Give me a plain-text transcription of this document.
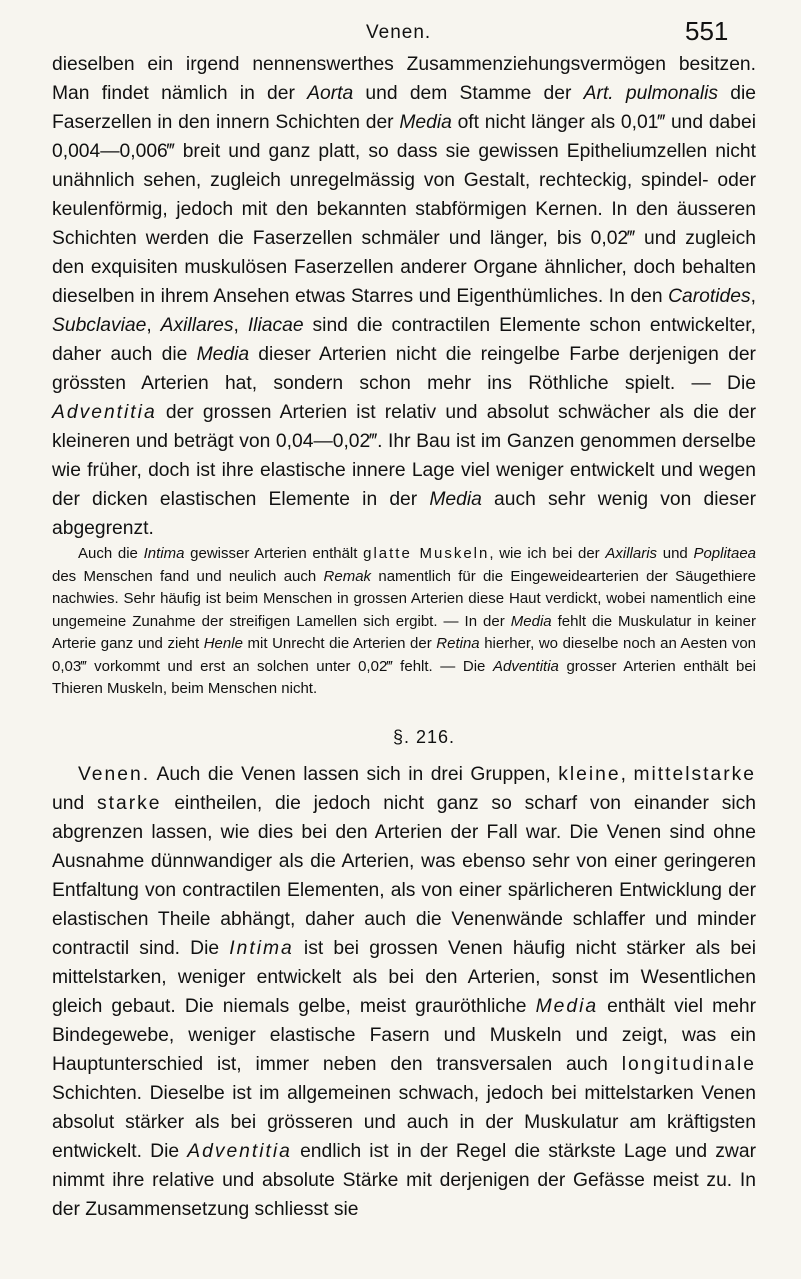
Venen.	551

dieselben ein irgend nennenswerthes Zusammenziehungsvermögen besitzen. Man findet nämlich in der Aorta und dem Stamme der Art. pulmonalis die Faserzellen in den innern Schichten der Media oft nicht länger als 0,01‴ und dabei 0,004—0,006‴ breit und ganz platt, so dass sie gewissen Epitheliumzellen nicht unähnlich sehen, zugleich unregelmässig von Gestalt, rechteckig, spindel- oder keulenförmig, jedoch mit den bekannten stabförmigen Kernen. In den äusseren Schichten werden die Faserzellen schmäler und länger, bis 0,02‴ und zugleich den exquisiten muskulösen Faserzellen anderer Organe ähnlicher, doch behalten dieselben in ihrem Ansehen etwas Starres und Eigenthümliches. In den Carotides, Subclaviae, Axillares, Iliacae sind die contractilen Elemente schon entwickelter, daher auch die Media dieser Arterien nicht die reingelbe Farbe derjenigen der grössten Arterien hat, sondern schon mehr ins Röthliche spielt. — Die Adventitia der grossen Arterien ist relativ und absolut schwächer als die der kleineren und beträgt von 0,04—0,02‴. Ihr Bau ist im Ganzen genommen derselbe wie früher, doch ist ihre elastische innere Lage viel weniger entwickelt und wegen der dicken elastischen Elemente in der Media auch sehr wenig von dieser abgegrenzt.

Auch die Intima gewisser Arterien enthält glatte Muskeln, wie ich bei der Axillaris und Poplitaea des Menschen fand und neulich auch Remak namentlich für die Eingeweidearterien der Säugethiere nachwies. Sehr häufig ist beim Menschen in grossen Arterien diese Haut verdickt, wobei namentlich eine ungemeine Zunahme der streifigen Lamellen sich ergibt. — In der Media fehlt die Muskulatur in keiner Arterie ganz und zieht Henle mit Unrecht die Arterien der Retina hierher, wo dieselbe noch an Aesten von 0,03‴ vorkommt und erst an solchen unter 0,02‴ fehlt. — Die Adventitia grosser Arterien enthält bei Thieren Muskeln, beim Menschen nicht.

§. 216.

Venen. Auch die Venen lassen sich in drei Gruppen, kleine, mittelstarke und starke eintheilen, die jedoch nicht ganz so scharf von einander sich abgrenzen lassen, wie dies bei den Arterien der Fall war. Die Venen sind ohne Ausnahme dünnwandiger als die Arterien, was ebenso sehr von einer geringeren Entfaltung von contractilen Elementen, als von einer spärlicheren Entwicklung der elastischen Theile abhängt, daher auch die Venenwände schlaffer und minder contractil sind. Die Intima ist bei grossen Venen häufig nicht stärker als bei mittelstarken, weniger entwickelt als bei den Arterien, sonst im Wesentlichen gleich gebaut. Die niemals gelbe, meist grauröthliche Media enthält viel mehr Bindegewebe, weniger elastische Fasern und Muskeln und zeigt, was ein Hauptunterschied ist, immer neben den transversalen auch longitudinale Schichten. Dieselbe ist im allgemeinen schwach, jedoch bei mittelstarken Venen absolut stärker als bei grösseren und auch in der Muskulatur am kräftigsten entwickelt. Die Adventitia endlich ist in der Regel die stärkste Lage und zwar nimmt ihre relative und absolute Stärke mit derjenigen der Gefässe meist zu. In der Zusammensetzung schliesst sie
